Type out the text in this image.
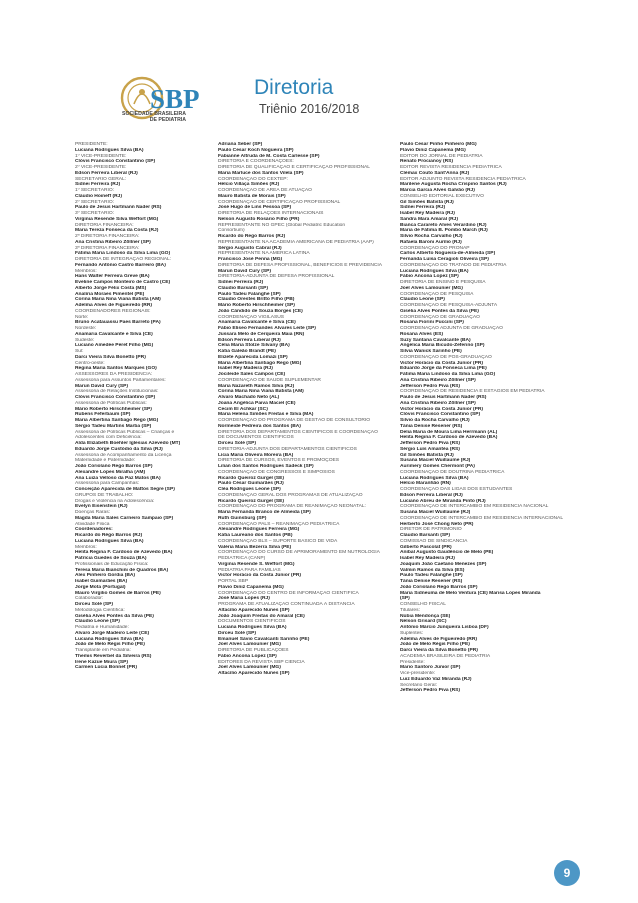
SBP
SOCIEDADE BRASILEIRA
DE PEDIATRIA
Diretoria
Triênio 2016/2018
PRESIDENTE:
Luciana Rodrigues Silva (BA)
1º VICE-PRESIDENTE:
Clóvis Francisco Constantino (SP)
2º VICE-PRESIDENTE:
Edson Ferreira Liberal (RJ)
SECRETÁRIO GERAL:
Sidnei Ferreira (RJ)
1º SECRETÁRIO:
Cláudio Hoineff (RJ)
2º SECRETÁRIO:
Paulo de Jesus Hartmann Nader (RS)
3º SECRETÁRIO:
Virgínia Resende Silva Weffort (MG)
DIRETORIA FINANCEIRA:
Maria Tereza Fonseca da Costa (RJ)
2ª DIRETORIA FINANCEIRA:
Ana Cristina Ribeiro Zöllner (SP)
3ª DIRETORIA FINANCEIRA:
Fátima Maria Lindoso da Silva Lima (GO)
DIRETORIA DE INTEGRAÇÃO REGIONAL:
Fernando Antônio Castro Barreiro (BA)
Membros:
Hans Walter Ferreira Greve (BA)
Eveline Campos Monteiro de Castro (CE)
Alberto Jorge Félix Costa (MS)
Analíria Moraes Pimentel (PE)
Corina Maria Nina Viana Batista (AM)
Adelma Alves de Figueiredo (RR)
COORDENADORES REGIONAIS:
Norte:
Bruno Acatauassu Paes Barreto (PA)
Nordeste:
Anamaria Cavalcante e Silva (CE)
Sudeste:
Luciano Amedée Péret Filho (MG)
Sul:
Darci Vieira Silva Bonetto (PR)
Centro-oeste:
Regina Maria Santos Marques (GO)
ASSESSORES DA PRESIDÊNCIA:
Assessoria para Assuntos Parlamentares:
Marun David Cury (SP)
Assessoria de Relações Institucionais:
Clóvis Francisco Constantino (SP)
Assessoria de Políticas Públicas:
Mário Roberto Hirschheimer (SP)
Rubens Feferbaum (SP)
Maria Albertina Santiago Rego (MG)
Sérgio Tadeu Martins Marba (SP)
Assessoria de Políticas Públicas – Crianças e
Adolescentes com Deficiência:
Alda Elizabeth Boehler Iglesias Azevedo (MT)
Eduardo Jorge Custódio da Silva (RJ)
Assessoria de Acompanhamento da Licença
Maternidade e Paternidade:
João Coriolano Rego Barros (SP)
Alexandre Lopes Miralha (AM)
Ana Luiza Velloso da Paz Matos (BA)
Assessoria para Campanhas:
Conceição Aparecida de Mattos Segre (SP)
GRUPOS DE TRABALHO:
Drogas e Violência na Adolescência:
Evelyn Eisenstein (RJ)
Doenças Raras:
Magda Maria Sales Carneiro Sampaio (SP)
Atividade Física
Coordenadores:
Ricardo do Rêgo Barros (RJ)
Luciana Rodrigues Silva (BA)
Membros:
Helita Regina F. Cardoso de Azevedo (BA)
Patrícia Guedes de Souza (BA)
Profissionais de Educação Física:
Teresa Maria Bianchini de Quadros (BA)
Alex Pinheiro Gordia (BA)
Isabel Guimarães (BA)
Jorge Mota (Portugal)
Mauro Virgílio Gomes de Barros (PE)
Colaborador:
Dirceu Solé (SP)
Metodologia Científica:
Gisélia Alves Pontes da Silva (PE)
Cláudio Leone (SP)
Pediatria e Humanidade:
Álvaro Jorge Madeiro Leite (CE)
Luciana Rodrigues Silva (BA)
João de Melo Régis Filho (PE)
Transplante em Pediatria:
Themis Reverbel da Silveira (RS)
Irene Kazue Miura (SP)
Carmen Lúcia Bonnet (PR)
Adriana Seber (SP)
Paulo Cesar Koch Nogueira (SP)
Fabianne Altruda de M. Costa Carlesse (SP)
DIRETORIA E COORDENAÇÕES:
DIRETORIA DE QUALIFICAÇÃO E CERTIFICAÇÃO PROFISSIONAL
Maria Marluce dos Santos Vilela (SP)
COORDENAÇÃO DO CEXTEP:
Hélcio Villaça Simões (RJ)
COORDENAÇÃO DE ÁREA DE ATUAÇÃO
Mauro Batista de Morais (SP)
COORDENAÇÃO DE CERTIFICAÇÃO PROFISSIONAL
José Hugo de Lins Pessoa (SP)
DIRETORIA DE RELAÇÕES INTERNACIONAIS
Nelson Augusto Rosário Filho (PR)
REPRESENTANTE NO GPEC (Global Pediatric Education
Consortium)
Ricardo do Rego Barros (RJ)
REPRESENTANTE NA ACADEMIA AMERICANA DE PEDIATRIA (AAP)
Sérgio Augusto Cabral (RJ)
REPRESENTANTE NA AMÉRICA LATINA
Francisco José Penna (MG)
DIRETORIA DE DEFESA PROFISSIONAL, BENEFÍCIOS E PREVIDÊNCIA
Marun David Cury (SP)
DIRETORIA-ADJUNTA DE DEFESA PROFISSIONAL
Sidnei Ferreira (RJ)
Cláudio Barsanti (SP)
Paulo Tadeu Falanghe (SP)
Cláudio Orestes Britto Filho (PB)
Mário Roberto Hirschheimer (SP)
João Cândido de Souza Borges (CE)
COORDENAÇÃO VIGILASUS
Anamaria Cavalcante e Silva (CE)
Fábio Elíseo Fernandes Álvares Leite (SP)
Jussara Melo de Cerqueira Maia (RN)
Edson Ferreira Liberal (RJ)
Célia Maria Stolze Silvany (BA)
Kátia Galeão Brandt (PE)
Elizete Aparecida Lomazi (SP)
Maria Albertina Santiago Rego (MG)
Isabel Rey Madeira (RJ)
Jocileide Sales Campos (CE)
COORDENAÇÃO DE SAÚDE SUPLEMENTAR
Maria Nazareth Ramos Silva (RJ)
Corina Maria Nina Viana Batista (AM)
Álvaro Machado Neto (AL)
Joana Angélica Paiva Maciel (CE)
Cecim El Achkar (SC)
Maria Helena Simões Freitas e Silva (MA)
COORDENAÇÃO DO PROGRAMA DE GESTÃO DE CONSULTÓRIO
Normeide Pedreira dos Santos (BA)
DIRETORIA DOS DEPARTAMENTOS CIENTÍFICOS E COORDENAÇÃO
DE DOCUMENTOS CIENTÍFICOS
Dirceu Solé (SP)
DIRETORIA-ADJUNTA DOS DEPARTAMENTOS CIENTÍFICOS
Lícia Maria Oliveira Moreira (BA)
DIRETORIA DE CURSOS, EVENTOS E PROMOÇÕES
Lilian dos Santos Rodrigues Sadeck (SP)
COORDENAÇÃO DE CONGRESSOS E SIMPÓSIOS
Ricardo Queiroz Gurgel (SE)
Paulo César Guimarães (RJ)
Cléa Rodrigues Leone (SP)
COORDENAÇÃO GERAL DOS PROGRAMAS DE ATUALIZAÇÃO
Ricardo Queiroz Gurgel (SE)
COORDENAÇÃO DO PROGRAMA DE REANIMAÇÃO NEONATAL:
Maria Fernanda Branco de Almeida (SP)
Ruth Guinsburg (SP)
COORDENAÇÃO PALS – REANIMAÇÃO PEDIÁTRICA
Alexandre Rodrigues Ferreira (MG)
Kátia Laureano dos Santos (PB)
COORDENAÇÃO BLS – SUPORTE BÁSICO DE VIDA
Valéria Maria Bezerra Silva (PE)
COORDENAÇÃO DO CURSO DE APRIMORAMENTO EM NUTROLOGIA
PEDIÁTRICA (CANP)
Virgínia Resende S. Weffort (MG)
PEDIATRIA PARA FAMÍLIAS
Victor Horácio da Costa Júnior (PR)
PORTAL SBP
Flávio Diniz Capanema (MG)
COORDENAÇÃO DO CENTRO DE INFORMAÇÃO CIENTÍFICA
José Maria Lopes (RJ)
PROGRAMA DE ATUALIZAÇÃO CONTINUADA À DISTÂNCIA
Altacílio Aparecido Nunes (SP)
João Joaquim Freitas do Amaral (CE)
DOCUMENTOS CIENTÍFICOS
Luciana Rodrigues Silva (BA)
Dirceu Solé (SP)
Emanuel Sávio Cavalcanti Sarinho (PE)
Joel Alves Lamounier (MG)
DIRETORIA DE PUBLICAÇÕES
Fábio Ancona Lopez (SP)
EDITORES DA REVISTA SBP CIÊNCIA
Joel Alves Lamounier (MG)
Altacílio Aparecido Nunes (SP)
Paulo Cesar Pinho Pinheiro (MG)
Flávio Diniz Capanema (MG)
EDITOR DO JORNAL DE PEDIATRIA
Renato Procianoy (RS)
EDITOR REVISTA RESIDÊNCIA PEDIÁTRICA
Clémax Couto Sant'Anna (RJ)
EDITOR ADJUNTO REVISTA RESIDÊNCIA PEDIÁTRICA
Marilene Augusta Rocha Crispino Santos (RJ)
Márcia Garcia Alves Galvão (RJ)
CONSELHO EDITORIAL EXECUTIVO
Gil Simões Batista (RJ)
Sidnei Ferreira (RJ)
Isabel Rey Madeira (RJ)
Sandra Mara Amaral (RJ)
Bianca Carareto Alves Verardino (RJ)
Maria de Fátima B. Pombo March (RJ)
Sílvio Rocha Carvalho (RJ)
Rafaela Baroni Aurílio (RJ)
COORDENAÇÃO DO PRONAP
Carlos Alberto Nogueira-de-Almeida (SP)
Fernanda Luísa Ceragioli Oliveira (SP)
COORDENAÇÃO DO TRATADO DE PEDIATRIA
Luciana Rodrigues Silva (BA)
Fábio Ancona Lopez (SP)
DIRETORIA DE ENSINO E PESQUISA
Joel Alves Lamounier (MG)
COORDENAÇÃO DE PESQUISA
Cláudio Leone (SP)
COORDENAÇÃO DE PESQUISA-ADJUNTA
Gisélia Alves Pontes da Silva (PE)
COORDENAÇÃO DE GRADUAÇÃO
Rosana Fiorini Puccini (SP)
COORDENAÇÃO ADJUNTA DE GRADUAÇÃO
Rosana Alves (ES)
Suzy Santana Cavalcante (BA)
Angélica Maria Bicudo-Zeferino (SP)
Sílvia Wanick Sarinho (PE)
COORDENAÇÃO DE PÓS-GRADUAÇÃO
Victor Horácio da Costa Junior (PR)
Eduardo Jorge da Fonseca Lima (PE)
Fátima Maria Lindoso da Silva Lima (GO)
Ana Cristina Ribeiro Zöllner (SP)
Jefferson Pedro Piva (RS)
COORDENAÇÃO DE RESIDÊNCIA E ESTÁGIOS EM PEDIATRIA
Paulo de Jesus Hartmann Nader (RS)
Ana Cristina Ribeiro Zöllner (SP)
Victor Horácio da Costa Junior (PR)
Clóvis Francisco Constantino (SP)
Silvio da Rocha Carvalho (RJ)
Tânia Denise Resener (RS)
Delia Maria de Moura Lima Herrmann (AL)
Helita Regina F. Cardoso de Azevedo (BA)
Jefferson Pedro Piva (RS)
Sérgio Luís Amantéa (RS)
Gil Simões Batista (RJ)
Susana Maciel Wuillaume (RJ)
Aurimery Gomes Chermont (PA)
COORDENAÇÃO DE DOUTRINA PEDIÁTRICA
Luciana Rodrigues Silva (BA)
Hélcio Maranhão (RN)
COORDENAÇÃO DAS LIGAS DOS ESTUDANTES
Edson Ferreira Liberal (RJ)
Luciano Abreu de Miranda Pinto (RJ)
COORDENAÇÃO DE INTERCÂMBIO EM RESIDÊNCIA NACIONAL
Susana Maciel Wuillaume (RJ)
COORDENAÇÃO DE INTERCÂMBIO EM RESIDÊNCIA INTERNACIONAL
Herberto José Chong Neto (PR)
DIRETOR DE PATRIMÔNIO
Cláudio Barsanti (SP)
COMISSÃO DE SINDICÂNCIA
Gilberto Pascolat (PR)
Aníbal Augusto Gaudêncio de Melo (PE)
Isabel Rey Madeira (RJ)
Joaquim João Caetano Menezes (SP)
Valmin Ramos da Silva (ES)
Paulo Tadeu Falanghe (SP)
Tânia Denise Resener (RS)
João Coriolano Rego Barros (SP)
Maria Sidneuma de Melo Ventura (CE) Marisa Lopes Miranda
(SP)
CONSELHO FISCAL
Titulares:
Núbia Mendonça (SE)
Nélson Grisard (SC)
Antônio Márcio Junqueira Lisboa (DF)
Suplentes:
Adelma Alves de Figueiredo (RR)
João de Melo Régis Filho (PE)
Darci Vieira da Silva Bonetto (PR)
ACADEMIA BRASILEIRA DE PEDIATRIA
Presidente:
Mario Santoro Júnior (SP)
Vice-presidente:
Luiz Eduardo Vaz Miranda (RJ)
Secretário Geral:
Jefferson Pedro Piva (RS)
9
